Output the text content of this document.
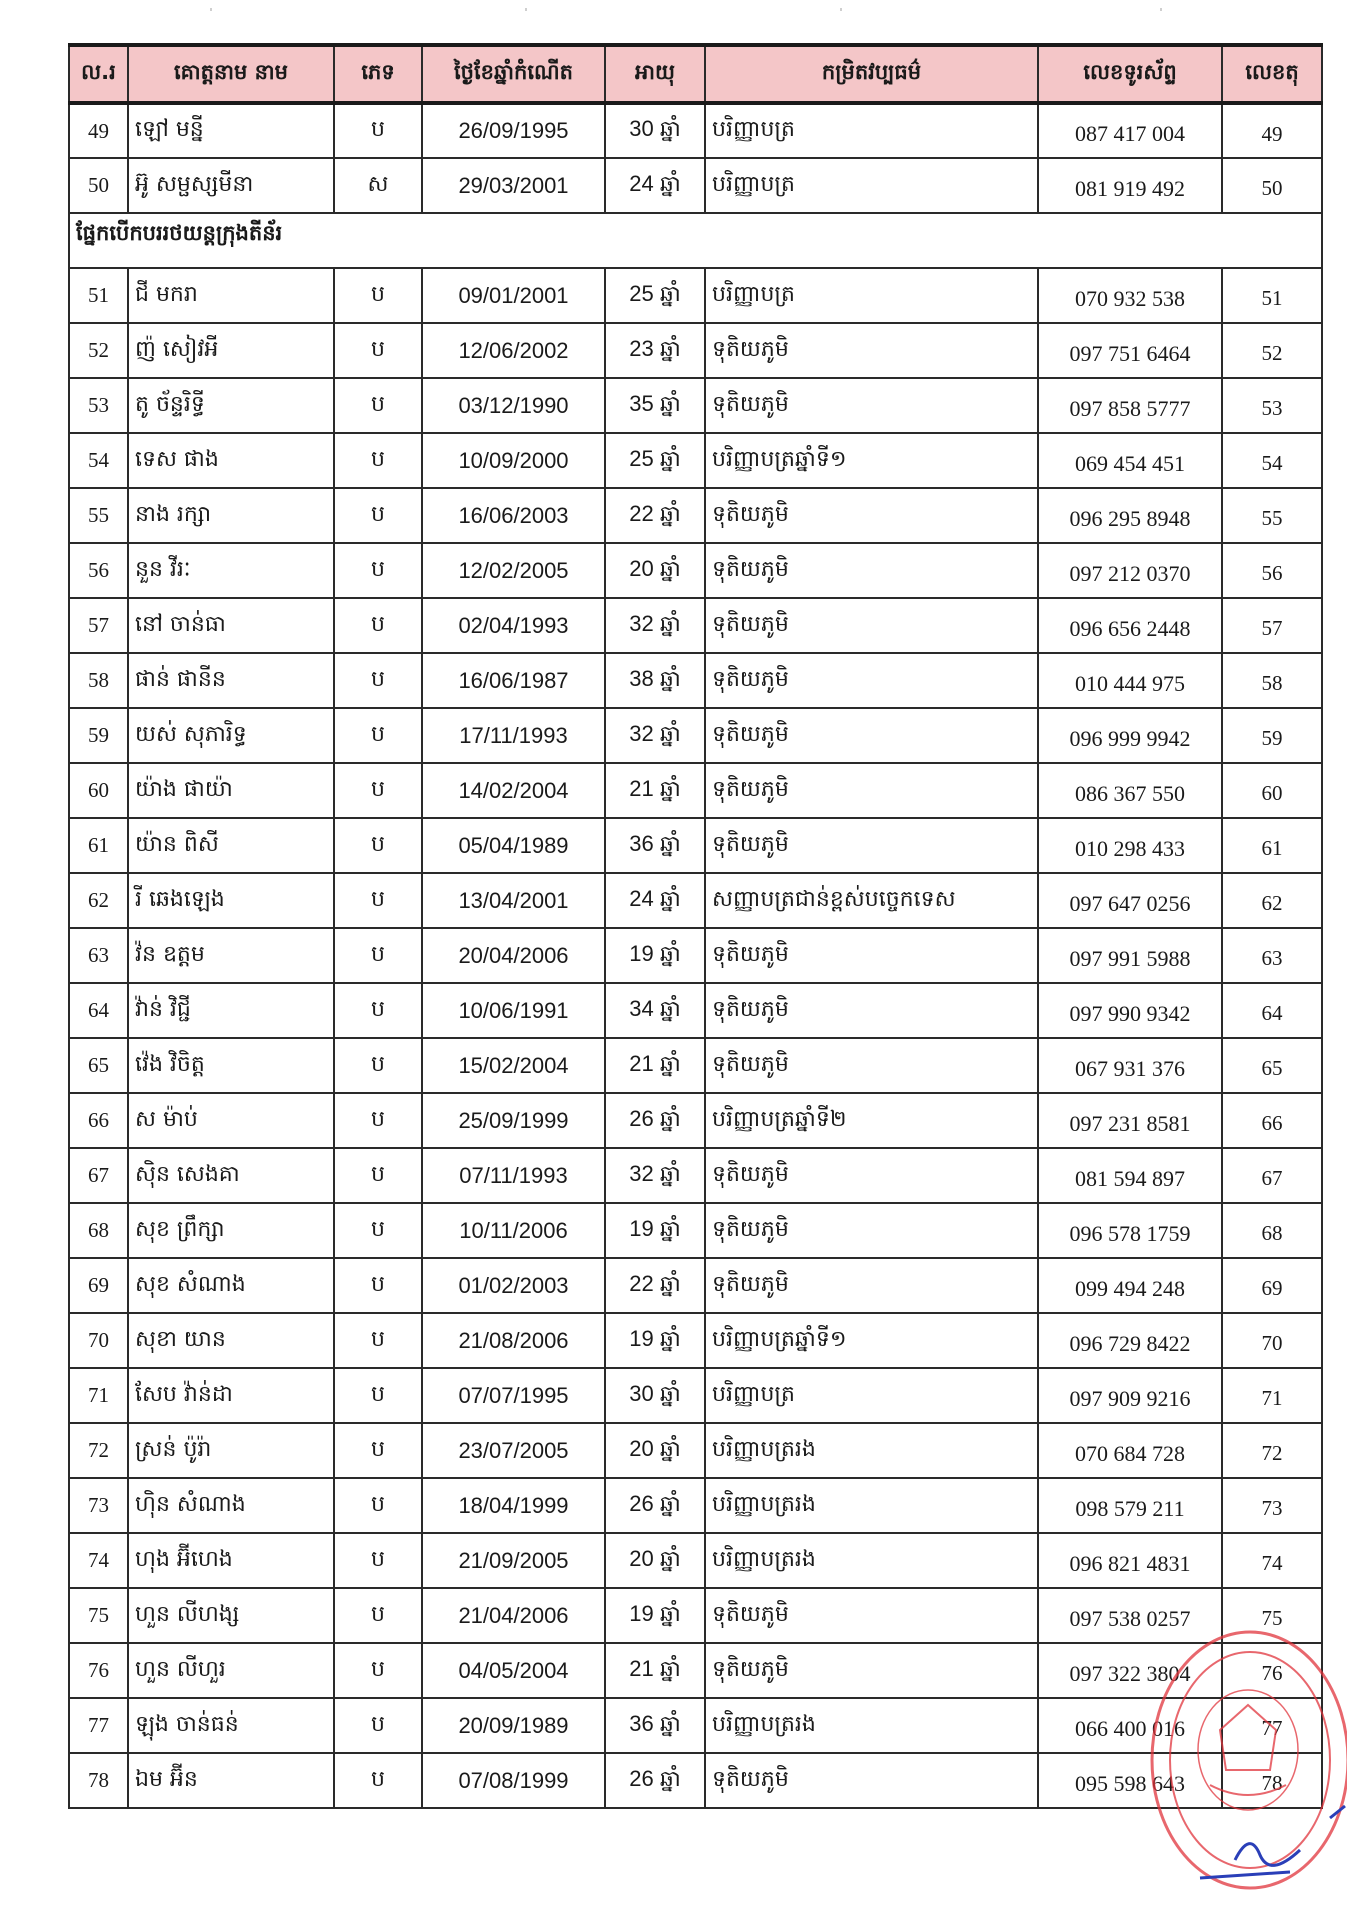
ល.រ	គោត្តនាម នាម	ភេទ	ថ្ងៃខែឆ្នាំកំណើត	អាយុ	កម្រិតវប្បធម៌	លេខទូរស័ព្ទ	លេខតុ
49	ឡៅ មន្នី	ប	26/09/1995	30 ឆ្នាំ	បរិញ្ញាបត្រ	087 417 004	49
50	អ៊ូ សម្ផស្សមីនា	ស	29/03/2001	24 ឆ្នាំ	បរិញ្ញាបត្រ	081 919 492	50
ផ្នែកបើកបររថយន្តក្រុងតីន័រ							
51	ជី មករា	ប	09/01/2001	25 ឆ្នាំ	បរិញ្ញាបត្រ	070 932 538	51
52	ញ៉ សៀវអី	ប	12/06/2002	23 ឆ្នាំ	ទុតិយភូមិ	097 751 6464	52
53	តូ ច័ន្ទរិទ្ធី	ប	03/12/1990	35 ឆ្នាំ	ទុតិយភូមិ	097 858 5777	53
54	ទេស ផាង	ប	10/09/2000	25 ឆ្នាំ	បរិញ្ញាបត្រឆ្នាំទី១	069 454 451	54
55	នាង រក្សា	ប	16/06/2003	22 ឆ្នាំ	ទុតិយភូមិ	096 295 8948	55
56	នួន វីរៈ	ប	12/02/2005	20 ឆ្នាំ	ទុតិយភូមិ	097 212 0370	56
57	នៅ ចាន់ធា	ប	02/04/1993	32 ឆ្នាំ	ទុតិយភូមិ	096 656 2448	57
58	ផាន់ ផានីន	ប	16/06/1987	38 ឆ្នាំ	ទុតិយភូមិ	010 444 975	58
59	យស់ សុភារិទ្ធ	ប	17/11/1993	32 ឆ្នាំ	ទុតិយភូមិ	096 999 9942	59
60	យ៉ាង ផាយ៉ា	ប	14/02/2004	21 ឆ្នាំ	ទុតិយភូមិ	086 367 550	60
61	យ៉ាន ពិសី	ប	05/04/1989	36 ឆ្នាំ	ទុតិយភូមិ	010 298 433	61
62	រី ឆេងឡេង	ប	13/04/2001	24 ឆ្នាំ	សញ្ញាបត្រជាន់ខ្ពស់បច្ចេកទេស	097 647 0256	62
63	វ៉ន ឧត្តម	ប	20/04/2006	19 ឆ្នាំ	ទុតិយភូមិ	097 991 5988	63
64	វ៉ាន់ វិជ្ជី	ប	10/06/1991	34 ឆ្នាំ	ទុតិយភូមិ	097 990 9342	64
65	វ៉េង វិចិត្ត	ប	15/02/2004	21 ឆ្នាំ	ទុតិយភូមិ	067 931 376	65
66	ស ម៉ាប់	ប	25/09/1999	26 ឆ្នាំ	បរិញ្ញាបត្រឆ្នាំទី២	097 231 8581	66
67	ស៊ិន សេងគា	ប	07/11/1993	32 ឆ្នាំ	ទុតិយភូមិ	081 594 897	67
68	សុខ ព្រឹក្សា	ប	10/11/2006	19 ឆ្នាំ	ទុតិយភូមិ	096 578 1759	68
69	សុខ សំណាង	ប	01/02/2003	22 ឆ្នាំ	ទុតិយភូមិ	099 494 248	69
70	សុខា យាន	ប	21/08/2006	19 ឆ្នាំ	បរិញ្ញាបត្រឆ្នាំទី១	096 729 8422	70
71	សែប វ៉ាន់ដា	ប	07/07/1995	30 ឆ្នាំ	បរិញ្ញាបត្រ	097 909 9216	71
72	ស្រន់ ប៉ូរ៉ា	ប	23/07/2005	20 ឆ្នាំ	បរិញ្ញាបត្ររង	070 684 728	72
73	ហ៊ិន សំណាង	ប	18/04/1999	26 ឆ្នាំ	បរិញ្ញាបត្ររង	098 579 211	73
74	ហុង អ៊ីហេង	ប	21/09/2005	20 ឆ្នាំ	បរិញ្ញាបត្ររង	096 821 4831	74
75	ហួន លីហង្ស	ប	21/04/2006	19 ឆ្នាំ	ទុតិយភូមិ	097 538 0257	75
76	ហួន លីហួរ	ប	04/05/2004	21 ឆ្នាំ	ទុតិយភូមិ	097 322 3804	76
77	ឡុង ចាន់ធន់	ប	20/09/1989	36 ឆ្នាំ	បរិញ្ញាបត្ររង	066 400 016	77
78	ឯម អ៊ីន	ប	07/08/1999	26 ឆ្នាំ	ទុតិយភូមិ	095 598 643	78
